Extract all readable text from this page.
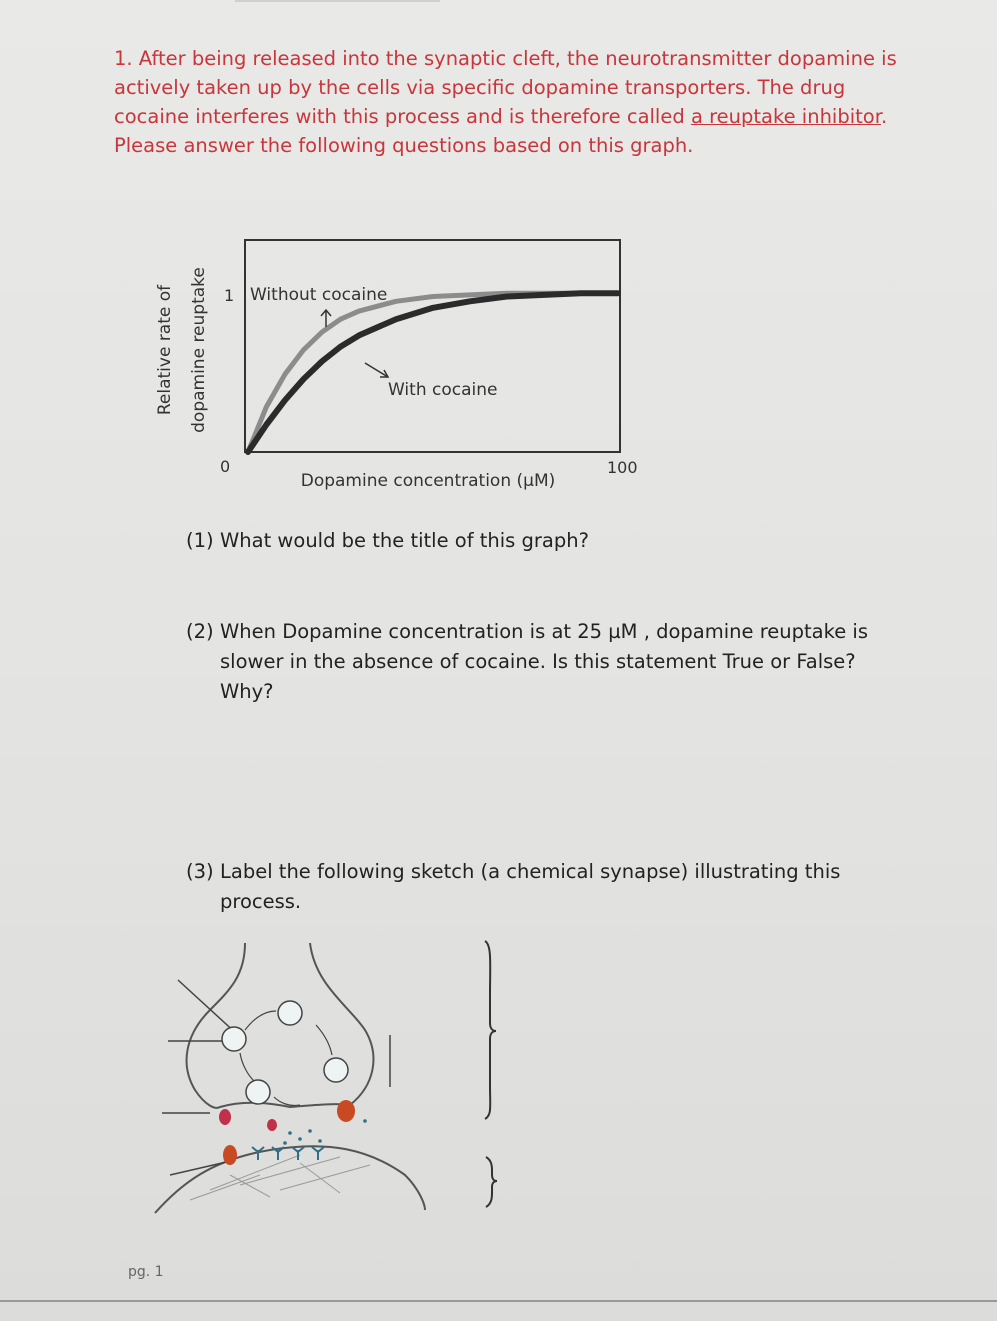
1. After being released into the synaptic cleft, the neurotransmitter dopamine is actively taken up by the cells via specific dopamine transporters. The drug cocaine interferes with this process and is therefore called a reuptake inhibitor. Please answer the following questions based on this graph.
Relative rate of dopamine reuptake 1
0	100
Dopamine concentration (µM)
Without cocaine
With cocaine
(1) What would be the title of this graph?
(2) When Dopamine concentration is at 25 µM , dopamine reuptake is
slower in the absence of cocaine. Is this statement True or False?
Why?
(3) Label the following sketch (a chemical synapse) illustrating this
process.
pg. 1
